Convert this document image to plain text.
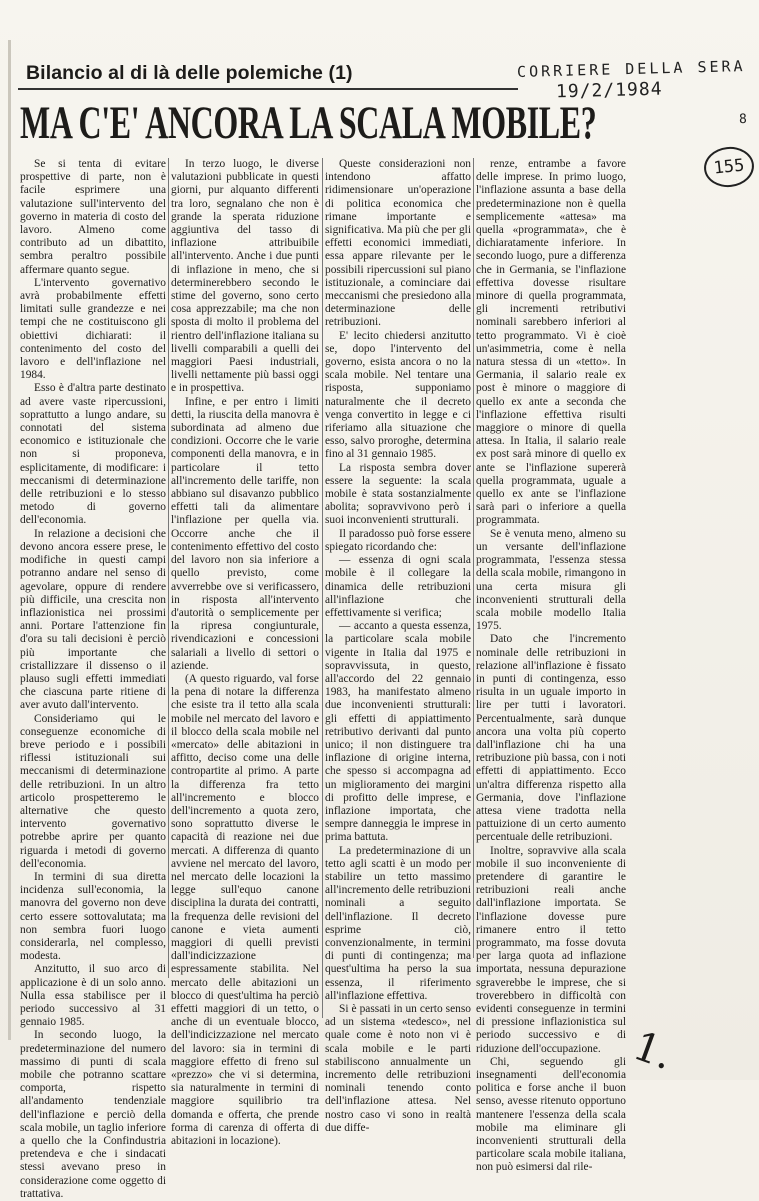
Bilancio al di là delle polemiche (1)	CORRIERE DELLA SERA
19/2/1984
8
155
MA C'E' ANCORA LA SCALA MOBILE?

Se si tenta di evitare prospettive di parte, non è facile esprimere una valutazione sull'intervento del governo in materia di costo del lavoro. Almeno come contributo ad un dibattito, sembra peraltro possibile affermare quanto segue.

L'intervento governativo avrà probabilmente effetti limitati sulle grandezze e nei tempi che ne costituiscono gli obiettivi dichiarati: il contenimento del costo del lavoro e dell'inflazione nel 1984.

Esso è d'altra parte destinato ad avere vaste ripercussioni, soprattutto a lungo andare, su connotati del sistema economico e istituzionale che non si proponeva, esplicitamente, di modificare: i meccanismi di determinazione delle retribuzioni e lo stesso metodo di governo dell'economia.

In relazione a decisioni che devono ancora essere prese, le modifiche in questi campi potranno andare nel senso di agevolare, oppure di rendere più difficile, una crescita non inflazionistica nei prossimi anni. Portare l'attenzione fin d'ora su tali decisioni è perciò più importante che cristallizzare il dissenso o il plauso sugli effetti immediati che ciascuna parte ritiene di aver avuto dall'intervento.

Consideriamo qui le conseguenze economiche di breve periodo e i possibili riflessi istituzionali sui meccanismi di determinazione delle retribuzioni. In un altro articolo prospetteremo le alternative che questo intervento governativo potrebbe aprire per quanto riguarda i metodi di governo dell'economia.

In termini di sua diretta incidenza sull'economia, la manovra del governo non deve certo essere sottovalutata; ma non sembra fuori luogo considerarla, nel complesso, modesta.

Anzitutto, il suo arco di applicazione è di un solo anno. Nulla essa stabilisce per il periodo successivo al 31 gennaio 1985.

In secondo luogo, la predeterminazione del numero massimo di punti di scala mobile che potranno scattare comporta, rispetto all'andamento tendenziale dell'inflazione e perciò della scala mobile, un taglio inferiore a quello che la Confindustria pretendeva e che i sindacati stessi avevano preso in considerazione come oggetto di trattativa.

In terzo luogo, le diverse valutazioni pubblicate in questi giorni, pur alquanto differenti tra loro, segnalano che non è grande la sperata riduzione aggiuntiva del tasso di inflazione attribuibile all'intervento. Anche i due punti di inflazione in meno, che si determinerebbero secondo le stime del governo, sono certo cosa apprezzabile; ma che non sposta di molto il problema del rientro dell'inflazione italiana su livelli comparabili a quelli dei maggiori Paesi industriali, livelli nettamente più bassi oggi e in prospettiva.

Infine, e per entro i limiti detti, la riuscita della manovra è subordinata ad almeno due condizioni. Occorre che le varie componenti della manovra, e in particolare il tetto all'incremento delle tariffe, non abbiano sul disavanzo pubblico effetti tali da alimentare l'inflazione per quella via. Occorre anche che il contenimento effettivo del costo del lavoro non sia inferiore a quello previsto, come avverrebbe ove si verificassero, in risposta all'intervento d'autorità o semplicemente per la ripresa congiunturale, rivendicazioni e concessioni salariali a livello di settori o aziende.

(A questo riguardo, val forse la pena di notare la differenza che esiste tra il tetto alla scala mobile nel mercato del lavoro e il blocco della scala mobile nel «mercato» delle abitazioni in affitto, deciso come una delle contropartite al primo. A parte la differenza fra tetto all'incremento e blocco dell'incremento a quota zero, sono soprattutto diverse le capacità di reazione nei due mercati. A differenza di quanto avviene nel mercato del lavoro, nel mercato delle locazioni la legge sull'equo canone disciplina la durata dei contratti, la frequenza delle revisioni del canone e vieta aumenti maggiori di quelli previsti dall'indicizzazione espressamente stabilita. Nel mercato delle abitazioni un blocco di quest'ultima ha perciò effetti maggiori di un tetto, o anche di un eventuale blocco, dell'indicizzazione nel mercato del lavoro: sia in termini di maggiore effetto di freno sul «prezzo» che vi si determina, sia naturalmente in termini di maggiore squilibrio tra domanda e offerta, che prende forma di carenza di offerta di abitazioni in locazione).

Queste considerazioni non intendono affatto ridimensionare un'operazione di politica economica che rimane importante e significativa. Ma più che per gli effetti economici immediati, essa appare rilevante per le possibili ripercussioni sul piano istituzionale, a cominciare dai meccanismi che presiedono alla determinazione delle retribuzioni.

E' lecito chiedersi anzitutto se, dopo l'intervento del governo, esista ancora o no la scala mobile. Nel tentare una risposta, supponiamo naturalmente che il decreto venga convertito in legge e ci riferiamo alla situazione che esso, salvo proroghe, determina fino al 31 gennaio 1985.

La risposta sembra dover essere la seguente: la scala mobile è stata sostanzialmente abolita; sopravvivono però i suoi inconvenienti strutturali.

Il paradosso può forse essere spiegato ricordando che:

— essenza di ogni scala mobile è il collegare la dinamica delle retribuzioni all'inflazione che effettivamente si verifica;

— accanto a questa essenza, la particolare scala mobile vigente in Italia dal 1975 e sopravvissuta, in questo, all'accordo del 22 gennaio 1983, ha manifestato almeno due inconvenienti strutturali: gli effetti di appiattimento retributivo derivanti dal punto unico; il non distinguere tra inflazione di origine interna, che spesso si accompagna ad un miglioramento dei margini di profitto delle imprese, e inflazione importata, che sempre danneggia le imprese in prima battuta.

La predeterminazione di un tetto agli scatti è un modo per stabilire un tetto massimo all'incremento delle retribuzioni nominali a seguito dell'inflazione. Il decreto esprime ciò, convenzionalmente, in termini di punti di contingenza; ma quest'ultima ha perso la sua essenza, il riferimento all'inflazione effettiva.

Si è passati in un certo senso ad un sistema «tedesco», nel quale come è noto non vi è scala mobile e le parti stabiliscono annualmente un incremento delle retribuzioni nominali tenendo conto dell'inflazione attesa. Nel nostro caso vi sono in realtà due diffe-

renze, entrambe a favore delle imprese. In primo luogo, l'inflazione assunta a base della predeterminazione non è quella semplicemente «attesa» ma quella «programmata», che è dichiaratamente inferiore. In secondo luogo, pure a differenza che in Germania, se l'inflazione effettiva dovesse risultare minore di quella programmata, gli incrementi retributivi nominali sarebbero inferiori al tetto programmato. Vi è cioè un'asimmetria, come è nella natura stessa di un «tetto». In Germania, il salario reale ex post è minore o maggiore di quello ex ante a seconda che l'inflazione effettiva risulti maggiore o minore di quella attesa. In Italia, il salario reale ex post sarà minore di quello ex ante se l'inflazione supererà quella programmata, uguale a quello ex ante se l'inflazione sarà pari o inferiore a quella programmata.

Se è venuta meno, almeno su un versante dell'inflazione programmata, l'essenza stessa della scala mobile, rimangono in una certa misura gli inconvenienti strutturali della scala mobile modello Italia 1975.

Dato che l'incremento nominale delle retribuzioni in relazione all'inflazione è fissato in punti di contingenza, esso risulta in un uguale importo in lire per tutti i lavoratori. Percentualmente, sarà dunque ancora una volta più coperto dall'inflazione chi ha una retribuzione più bassa, con i noti effetti di appiattimento. Ecco un'altra differenza rispetto alla Germania, dove l'inflazione attesa viene tradotta nella pattuizione di un certo aumento percentuale delle retribuzioni.

Inoltre, sopravvive alla scala mobile il suo inconveniente di pretendere di garantire le retribuzioni reali anche dall'inflazione importata. Se l'inflazione dovesse pure rimanere entro il tetto programmato, ma fosse dovuta per larga quota ad inflazione importata, nessuna depurazione sgraverebbe le imprese, che si troverebbero in difficoltà con evidenti conseguenze in termini di pressione inflazionistica sul periodo successivo e di riduzione dell'occupazione.

Chi, seguendo gli insegnamenti dell'economia politica e forse anche il buon senso, avesse ritenuto opportuno mantenere l'essenza della scala mobile ma eliminare gli inconvenienti strutturali della particolare scala mobile italiana, non può esimersi dal rile-

1.
